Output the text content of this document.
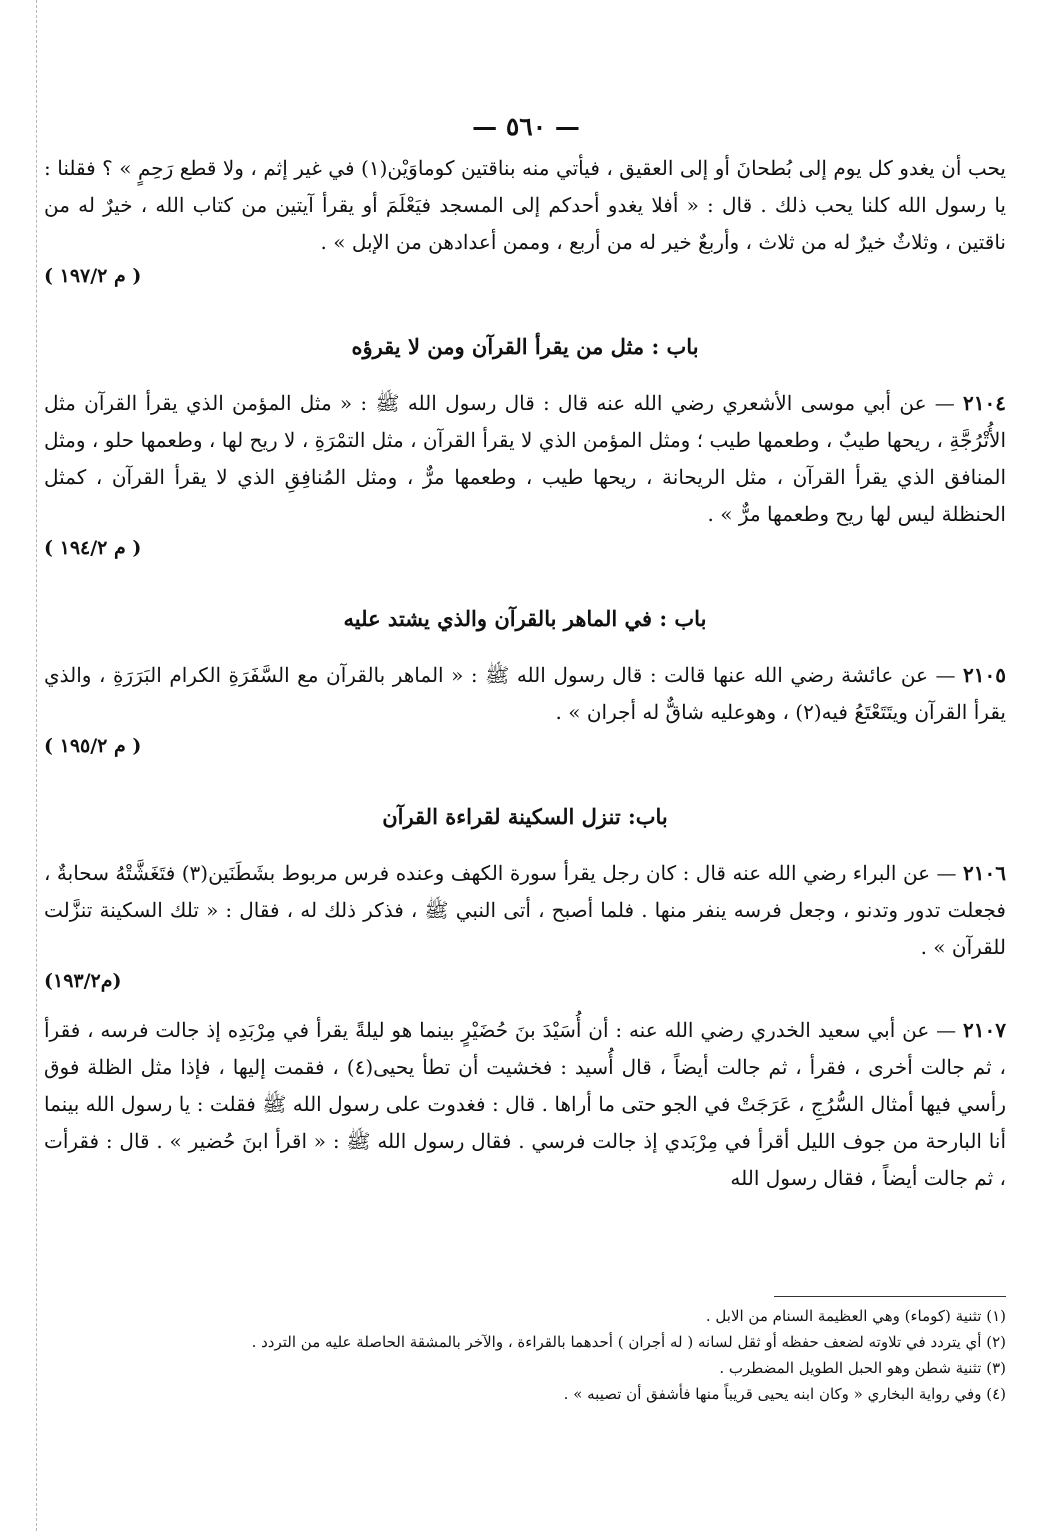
— ٥٦٠ —

يحب أن يغدو كل يوم إلى بُطحانَ أو إلى العقيق ، فيأتي منه بناقتين كوماوَيْن(١) في غير إثم ، ولا قطع رَحِمٍ » ؟ فقلنا : يا رسول الله كلنا يحب ذلك . قال : « أفلا يغدو أحدكم إلى المسجد فيَعْلَمَ أو يقرأ آيتين من كتاب الله ، خيرٌ له من ناقتين ، وثلاثٌ خيرٌ له من ثلاث ، وأربعٌ خير له من أربع ، وممن أعدادهن من الإبل » .
( م ١٩٧/٢ )

باب : مثل من يقرأ القرآن ومن لا يقرؤه

٢١٠٤ — عن أبي موسى الأشعري رضي الله عنه قال : قال رسول الله ﷺ : « مثل المؤمن الذي يقرأ القرآن مثل الأُتْرُجَّةِ ، ريحها طيبٌ ، وطعمها طيب ؛ ومثل المؤمن الذي لا يقرأ القرآن ، مثل التمْرَةِ ، لا ريح لها ، وطعمها حلو ، ومثل المنافق الذي يقرأ القرآن ، مثل الريحانة ، ريحها طيب ، وطعمها مرٌّ ، ومثل المُنافِقِ الذي لا يقرأ القرآن ، كمثل الحنظلة ليس لها ريح وطعمها مرٌّ » .
( م ١٩٤/٢ )

باب : في الماهر بالقرآن والذي يشتد عليه

٢١٠٥ — عن عائشة رضي الله عنها قالت : قال رسول الله ﷺ : « الماهر بالقرآن مع السَّفَرَةِ الكرام البَرَرَةِ ، والذي يقرأ القرآن ويتَتَعْتَعُ فيه(٢) ، وهوعليه شاقٌّ له أجران » .
( م ١٩٥/٢ )

باب: تنزل السكينة لقراءة القرآن

٢١٠٦ — عن البراء رضي الله عنه قال : كان رجل يقرأ سورة الكهف وعنده فرس مربوط بشَطَنَين(٣) فتَغَشَّتْهُ سحابةٌ ، فجعلت تدور وتدنو ، وجعل فرسه ينفر منها . فلما أصبح ، أتى النبي ﷺ ، فذكر ذلك له ، فقال : « تلك السكينة تنزَّلت للقرآن » .
(م١٩٣/٢)

٢١٠٧ — عن أبي سعيد الخدري رضي الله عنه : أن أُسَيْدَ بنَ حُضَيْرٍ بينما هو ليلةً يقرأ في مِرْبَدِه إذ جالت فرسه ، فقرأ ، ثم جالت أخرى ، فقرأ ، ثم جالت أيضاً ، قال أُسيد : فخشيت أن تطأ يحيى(٤) ، فقمت إليها ، فإذا مثل الظلة فوق رأسي فيها أمثال السُّرُجِ ، عَرَجَتْ في الجو حتى ما أراها . قال : فغدوت على رسول الله ﷺ فقلت : يا رسول الله بينما أنا البارحة من جوف الليل أقرأ في مِرْبَدي إذ جالت فرسي . فقال رسول الله ﷺ : « اقرأ ابنَ حُضير » . قال : فقرأت ، ثم جالت أيضاً ، فقال رسول الله

(١) تثنية (كوماء) وهي العظيمة السنام من الابل .

(٢) أي يتردد في تلاوته لضعف حفظه أو ثقل لسانه ( له أجران ) أحدهما بالقراءة ، والآخر بالمشقة الحاصلة عليه من التردد .

(٣) تثنية شطن وهو الحبل الطويل المضطرب .

(٤) وفي رواية البخاري « وكان ابنه يحيى قريباً منها فأشفق أن تصيبه » .
